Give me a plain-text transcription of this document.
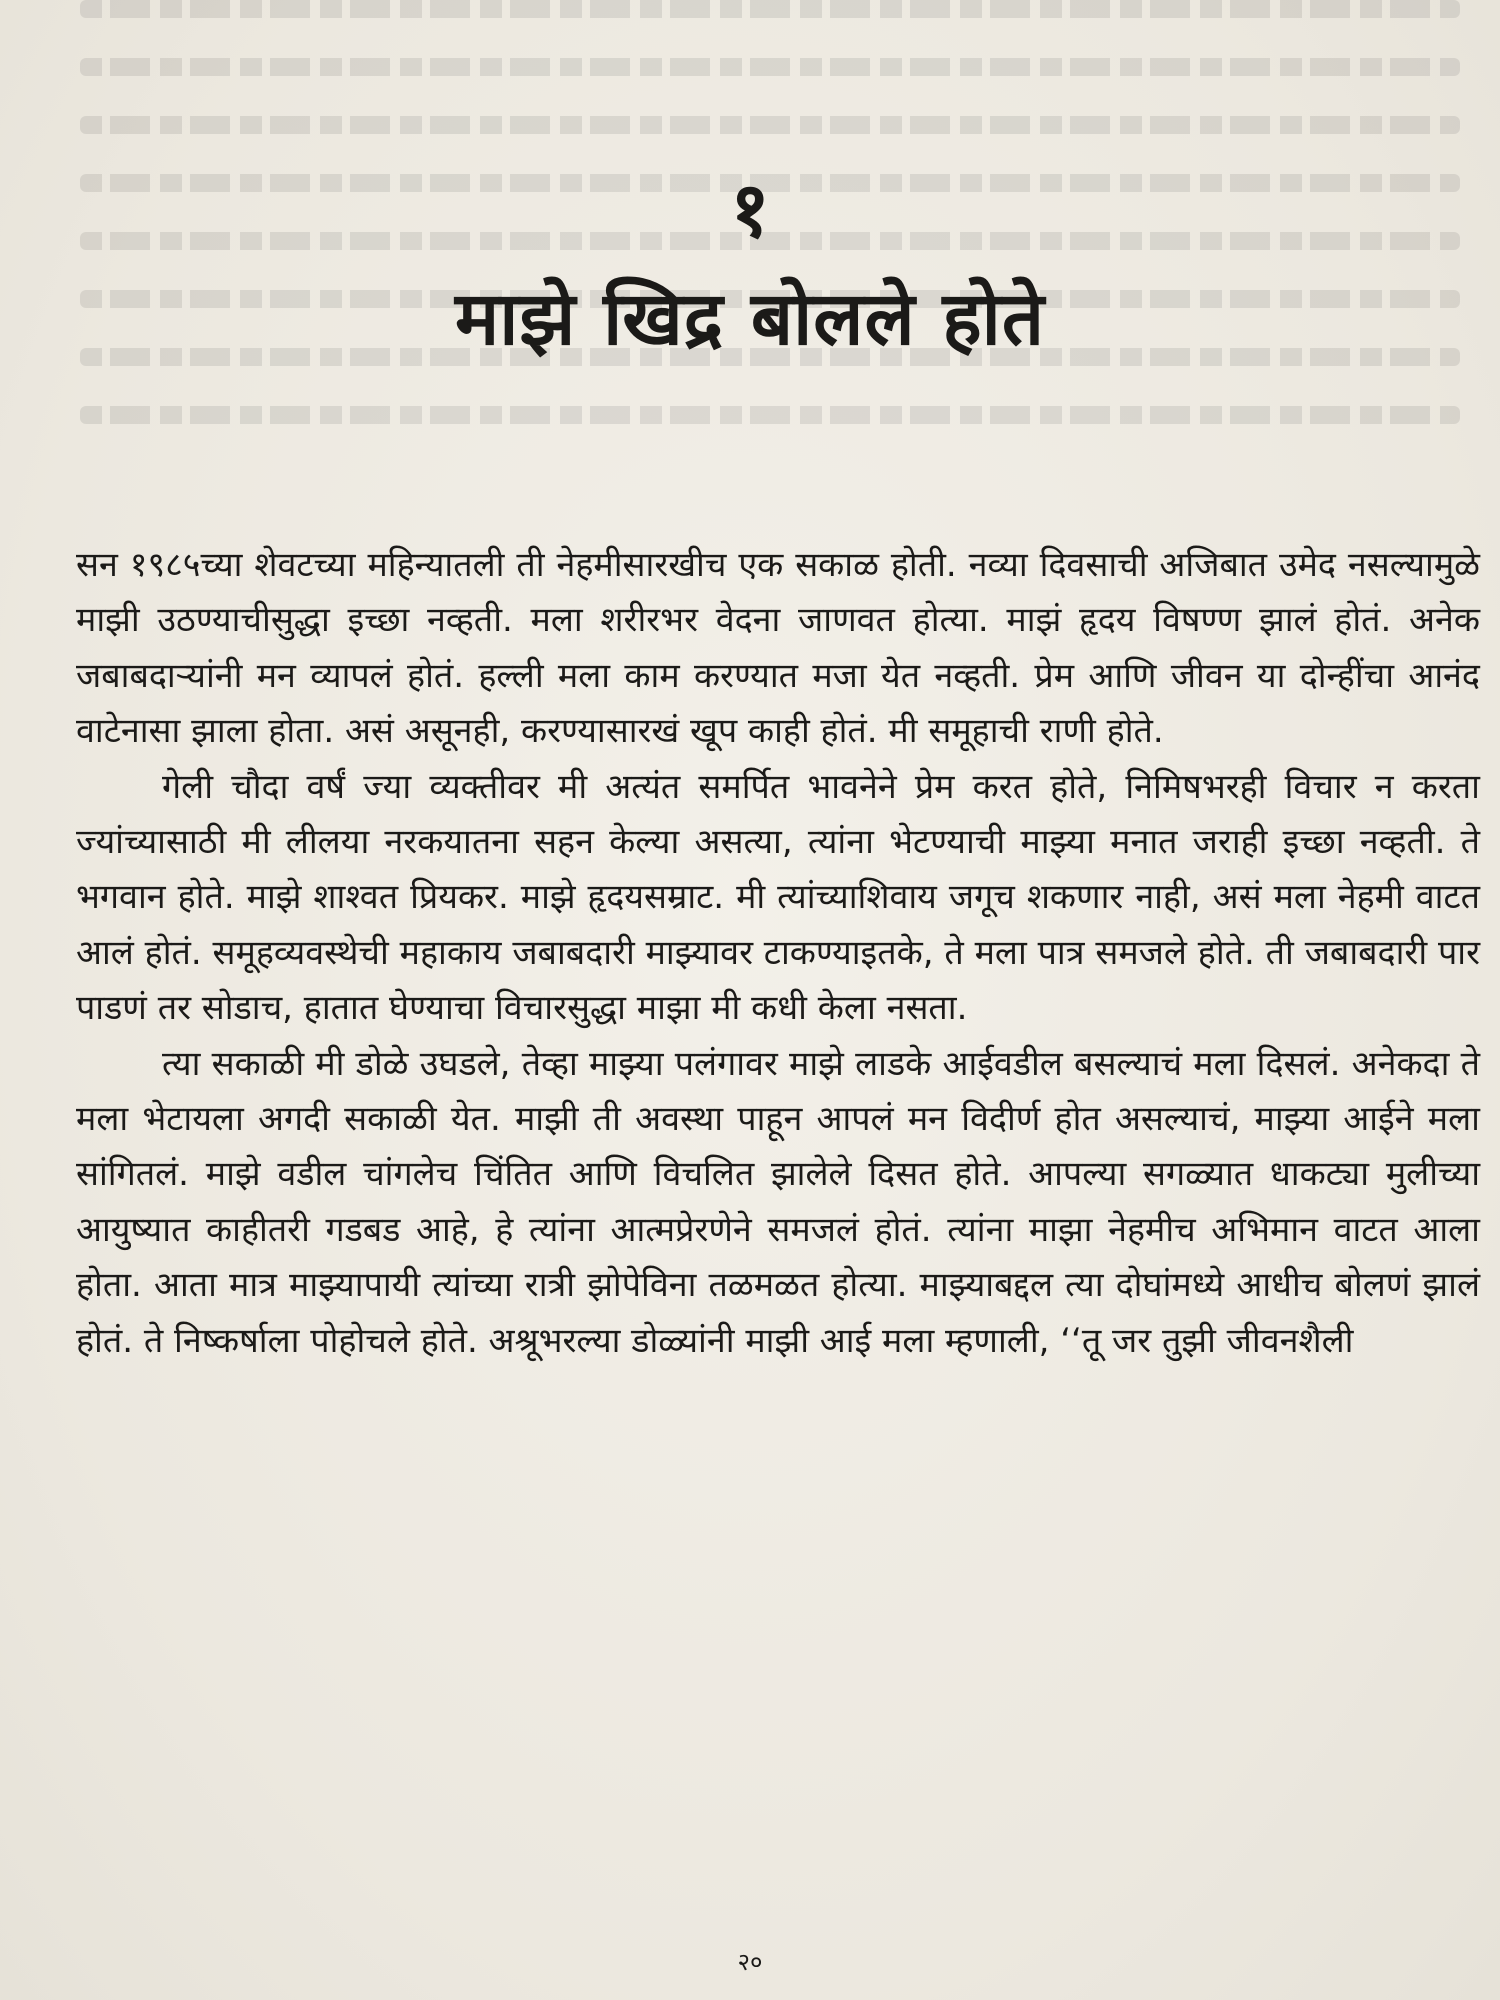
१
माझे खिद्र बोलले होते

सन १९८५च्या शेवटच्या महिन्यातली ती नेहमीसारखीच एक सकाळ होती. नव्या दिवसाची अजिबात उमेद नसल्यामुळे माझी उठण्याचीसुद्धा इच्छा नव्हती. मला शरीरभर वेदना जाणवत होत्या. माझं हृदय विषण्ण झालं होतं. अनेक जबाबदाऱ्यांनी मन व्यापलं होतं. हल्ली मला काम करण्यात मजा येत नव्हती. प्रेम आणि जीवन या दोन्हींचा आनंद वाटेनासा झाला होता. असं असूनही, करण्यासारखं खूप काही होतं. मी समूहाची राणी होते.

गेली चौदा वर्षं ज्या व्यक्तीवर मी अत्यंत समर्पित भावनेने प्रेम करत होते, निमिषभरही विचार न करता ज्यांच्यासाठी मी लीलया नरकयातना सहन केल्या असत्या, त्यांना भेटण्याची माझ्या मनात जराही इच्छा नव्हती. ते भगवान होते. माझे शाश्वत प्रियकर. माझे हृदयसम्राट. मी त्यांच्याशिवाय जगूच शकणार नाही, असं मला नेहमी वाटत आलं होतं. समूहव्यवस्थेची महाकाय जबाबदारी माझ्यावर टाकण्याइतके, ते मला पात्र समजले होते. ती जबाबदारी पार पाडणं तर सोडाच, हातात घेण्याचा विचारसुद्धा माझा मी कधी केला नसता.

त्या सकाळी मी डोळे उघडले, तेव्हा माझ्या पलंगावर माझे लाडके आईवडील बसल्याचं मला दिसलं. अनेकदा ते मला भेटायला अगदी सकाळी येत. माझी ती अवस्था पाहून आपलं मन विदीर्ण होत असल्याचं, माझ्या आईने मला सांगितलं. माझे वडील चांगलेच चिंतित आणि विचलित झालेले दिसत होते. आपल्या सगळ्यात धाकट्या मुलीच्या आयुष्यात काहीतरी गडबड आहे, हे त्यांना आत्मप्रेरणेने समजलं होतं. त्यांना माझा नेहमीच अभिमान वाटत आला होता. आता मात्र माझ्यापायी त्यांच्या रात्री झोपेविना तळमळत होत्या. माझ्याबद्दल त्या दोघांमध्ये आधीच बोलणं झालं होतं. ते निष्कर्षाला पोहोचले होते. अश्रूभरल्या डोळ्यांनी माझी आई मला म्हणाली, ‘‘तू जर तुझी जीवनशैली

२०
